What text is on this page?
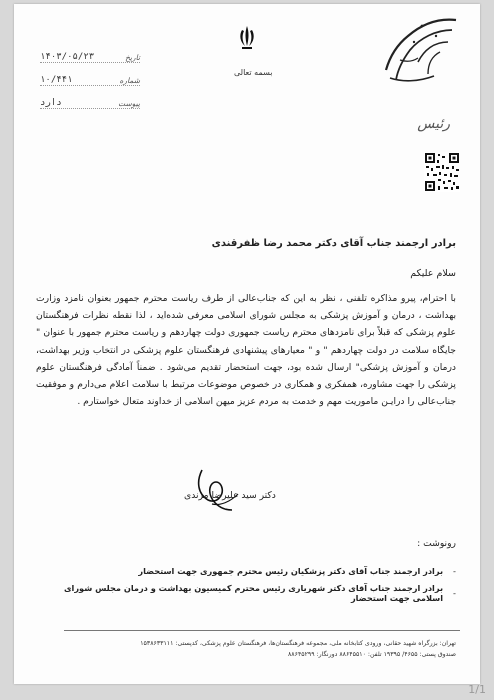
تاریخ
۱۴۰۳/۰۵/۲۳
شماره
۱۰/۴۴۱
پیوست
دارد
بسمه تعالی
رئیس
برادر ارجمند جناب آقای دکتر محمد رضا ظفرقندی
سلام علیکم
با احترام، پیرو مذاکره تلفنی ، نظر به این که جناب‌عالی از طرف ریاست محترم جمهور بعنوان نامزد وزارت بهداشت ، درمان و آموزش پزشکی به مجلس شورای اسلامی معرفی شده‌اید ، لذا نقطه نظرات فرهنگستان علوم پزشکی که قبلاً برای نامزدهای محترم ریاست جمهوری دولت چهاردهم و ریاست محترم جمهور با عنوان " جایگاه سلامت در دولت چهاردهم " و " معیارهای پیشنهادی فرهنگستان علوم پزشکی در انتخاب وزیر بهداشت، درمان و آموزش پزشکی" ارسال شده بود، جهت استحضار تقدیم می‌شود . ضمناً آمادگی فرهنگستان علوم پزشکی را جهت مشاوره، همفکری و همکاری در خصوص موضوعات مرتبط با سلامت اعلام می‌دارم و موفقیت جناب‌عالی را درایـن ماموریت مهم و خدمت به مردم عزیز میهن اسلامی از خداوند متعال خواستارم .
دکتر سید علیرضا مرندی
رونوشت :
-
برادر ارجمند جناب آقای دکتر پزشکیان رئیس محترم جمهوری جهت استحضار
-
برادر ارجمند جناب آقای دکتر شهریاری رئیس محترم کمیسیون بهداشت و درمان مجلس شورای اسلامی جهت استحضار
تهران: بزرگراه شهید حقانی، ورودی کتابخانه ملی، مجموعه فرهنگستان‌ها، فرهنگستان علوم پزشکی، کدپستی: ۱۵۳۸۶۳۳۱۱۱
صندوق پستی: ۴۶۵۵/ ۱۹۳۹۵ تلفن: ۸۸۶۴۵۵۱۰ دورنگار: ۸۸۶۴۵۲۹۹
1/1
